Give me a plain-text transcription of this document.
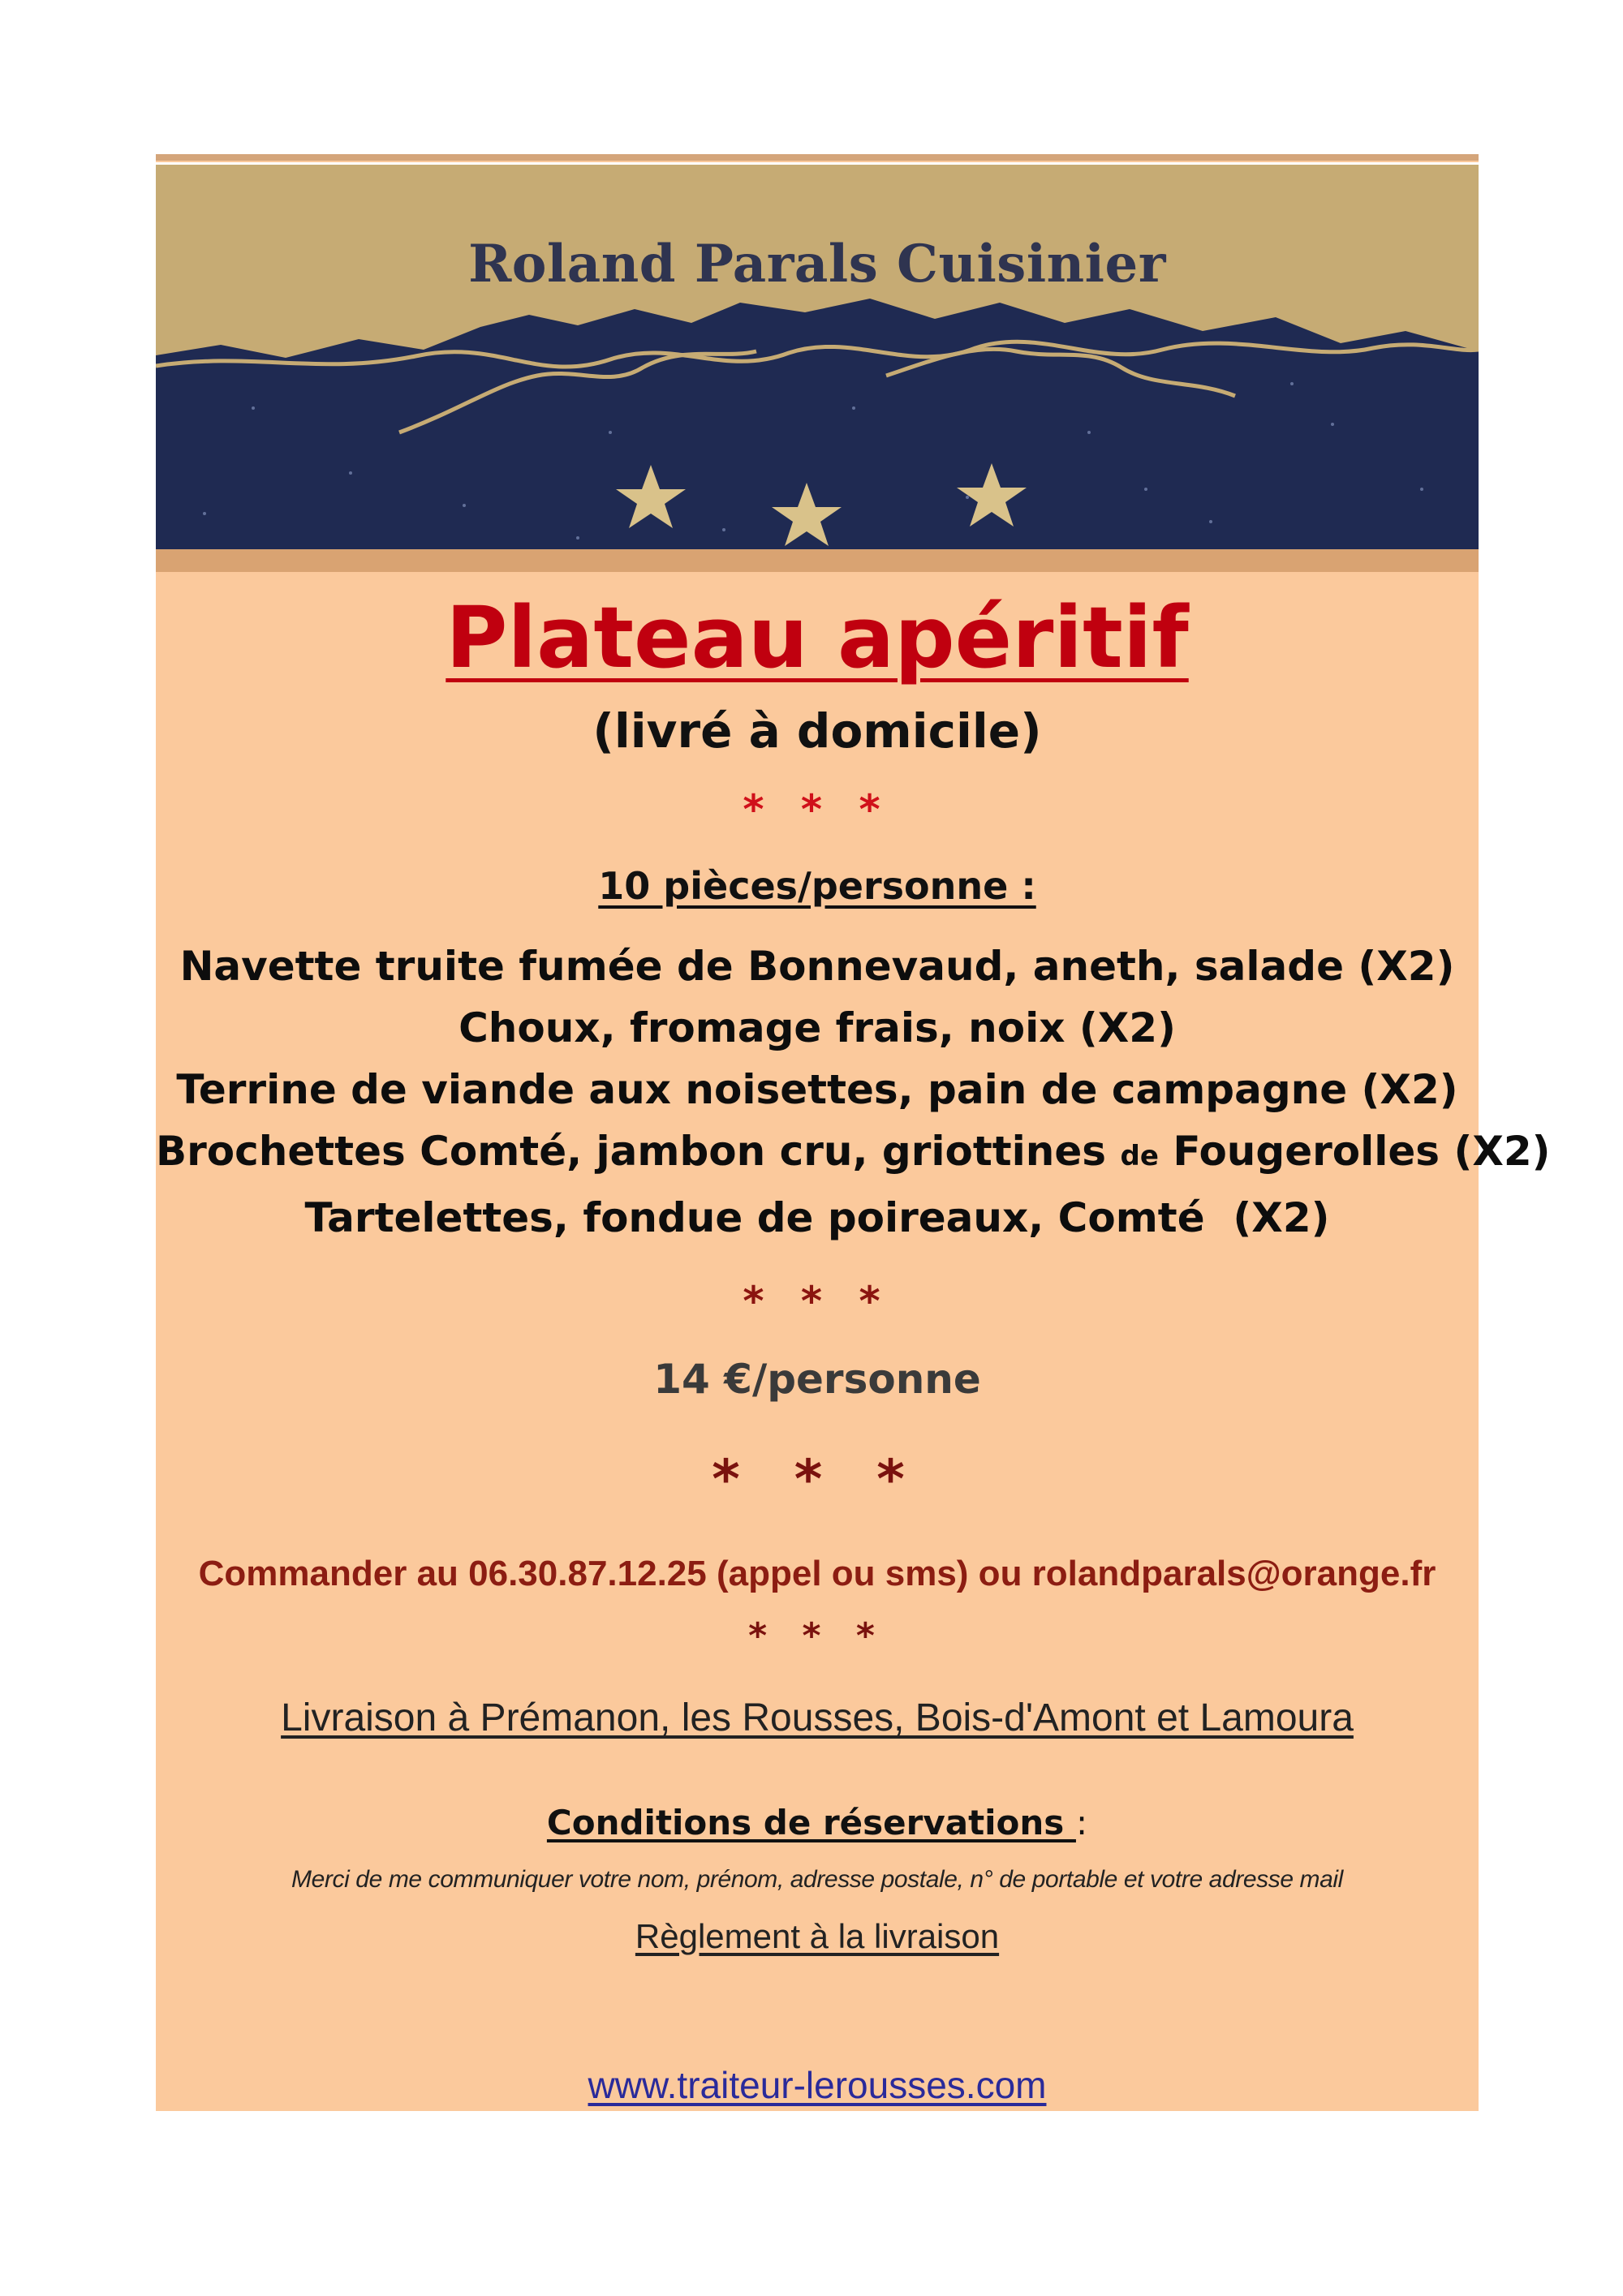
Roland Parals Cuisinier
Plateau apéritif
(livré à domicile)
* * *
10 pièces/personne :
Navette truite fumée de Bonnevaud, aneth, salade (X2)
Choux, fromage frais, noix (X2)
Terrine de viande aux noisettes, pain de campagne (X2)
Brochettes Comté, jambon cru, griottines de Fougerolles (X2)
Tartelettes, fondue de poireaux, Comté  (X2)
* * *
14 €/personne
* * *
Commander au 06.30.87.12.25 (appel ou sms) ou rolandparals@orange.fr
* * *
Livraison à Prémanon, les Rousses, Bois-d'Amont et Lamoura
Conditions de réservations :
Merci de me communiquer votre nom, prénom, adresse postale, n° de portable et votre adresse mail
Règlement à la livraison
www.traiteur-lerousses.com
